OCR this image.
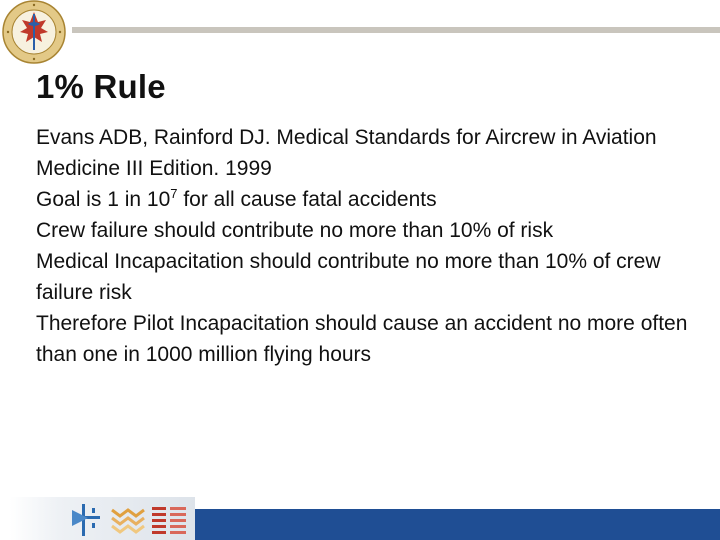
1% Rule

Evans ADB, Rainford DJ. Medical Standards for Aircrew in Aviation Medicine III Edition. 1999

Goal is 1 in $10^7$ for all cause fatal accidents

Crew failure should contribute no more than 10% of risk

Medical Incapacitation should contribute no more than 10% of crew failure risk

Therefore Pilot Incapacitation should cause an accident no more often than one in 1000 million flying hours
